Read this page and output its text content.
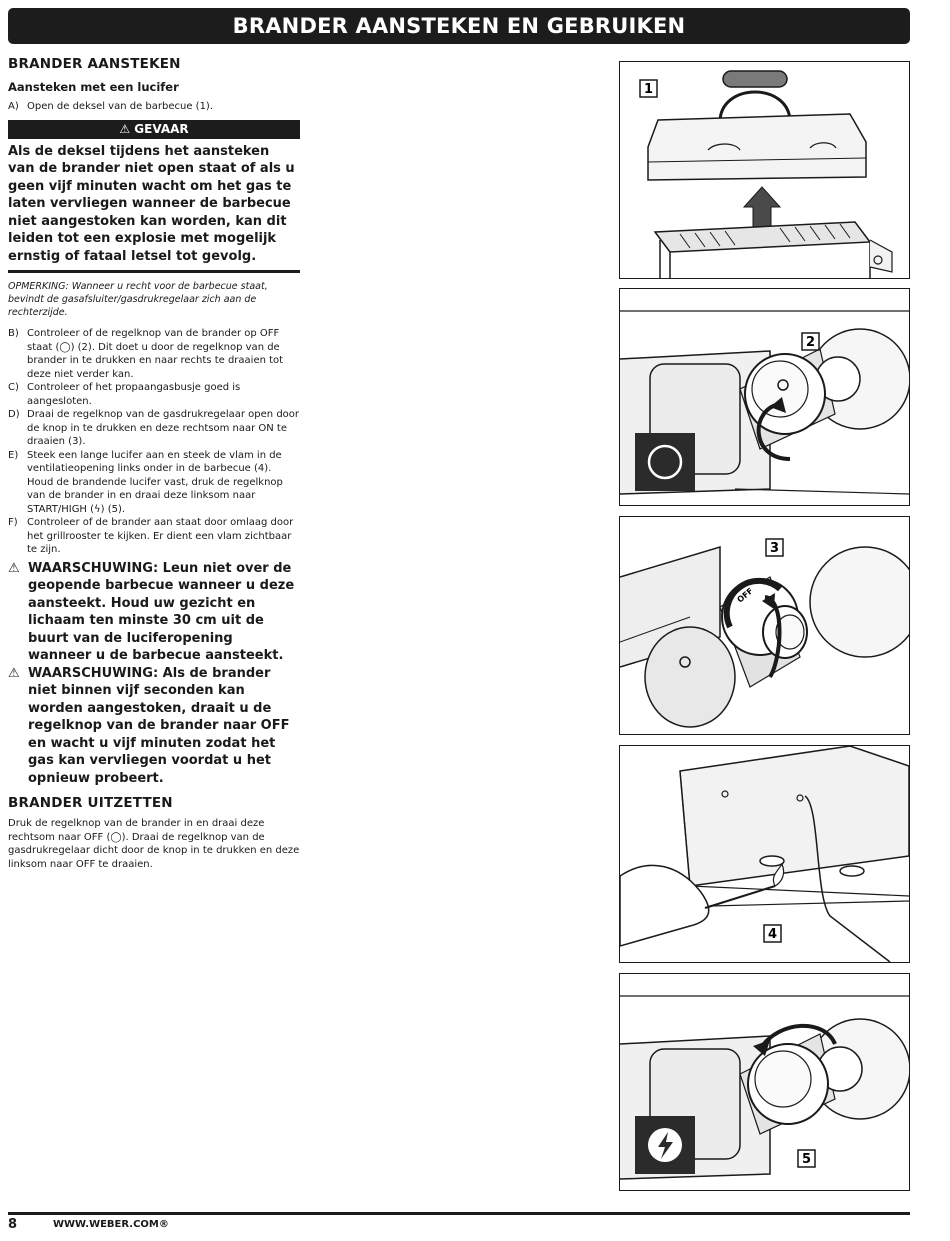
BRANDER AANSTEKEN EN GEBRUIKEN
BRANDER AANSTEKEN
Aansteken met een lucifer
A) Open de deksel van de barbecue (1).
⚠ GEVAAR
Als de deksel tijdens het aansteken van de brander niet open staat of als u geen vijf minuten wacht om het gas te laten vervliegen wanneer de barbecue niet aangestoken kan worden, kan dit leiden tot een explosie met mogelijk ernstig of fataal letsel tot gevolg.
OPMERKING: Wanneer u recht voor de barbecue staat, bevindt de gasafsluiter/gasdrukregelaar zich aan de rechterzijde.
B) Controleer of de regelknop van de brander op OFF staat (◯) (2). Dit doet u door de regelknop van de brander in te drukken en naar rechts te draaien tot deze niet verder kan.
C) Controleer of het propaangasbusje goed is aangesloten.
D) Draai de regelknop van de gasdrukregelaar open door de knop in te drukken en deze rechtsom naar ON te draaien (3).
E) Steek een lange lucifer aan en steek de vlam in de ventilatieopening links onder in de barbecue (4). Houd de brandende lucifer vast, druk de regelknop van de brander in en draai deze linksom naar START/HIGH (ϟ) (5).
F) Controleer of de brander aan staat door omlaag door het grillrooster te kijken. Er dient een vlam zichtbaar te zijn.
⚠ WAARSCHUWING: Leun niet over de geopende barbecue wanneer u deze aansteekt. Houd uw gezicht en lichaam ten minste 30 cm uit de buurt van de luciferopening wanneer u de barbecue aansteekt.
⚠ WAARSCHUWING: Als de brander niet binnen vijf seconden kan worden aangestoken, draait u de regelknop van de brander naar OFF en wacht u vijf minuten zodat het gas kan vervliegen voordat u het opnieuw probeert.
BRANDER UITZETTEN
Druk de regelknop van de brander in en draai deze rechtsom naar OFF (◯). Draai de regelknop van de gasdrukregelaar dicht door de knop in te drukken en deze linksom naar OFF te draaien.
1
2
OFF
3
4
5
8	WWW.WEBER.COM®
